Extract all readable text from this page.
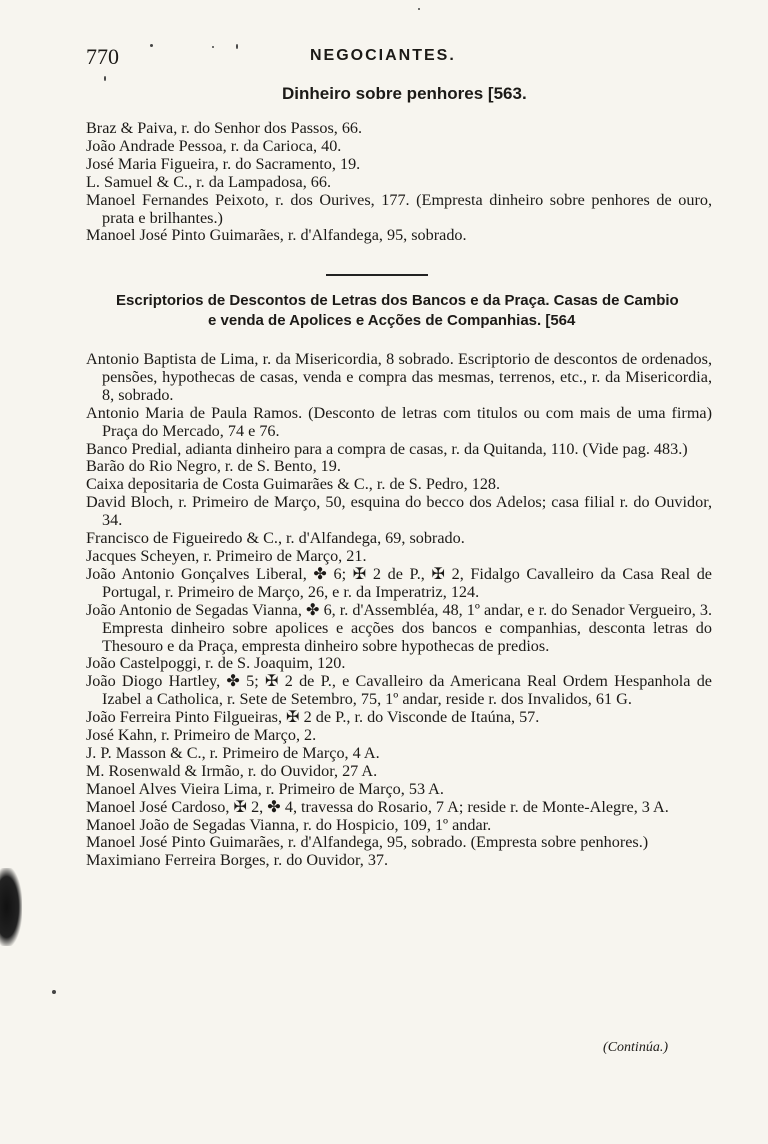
770	NEGOCIANTES.
Dinheiro sobre penhores [563.

Braz & Paiva, r. do Senhor dos Passos, 66.

João Andrade Pessoa, r. da Carioca, 40.

José Maria Figueira, r. do Sacramento, 19.

L. Samuel & C., r. da Lampadosa, 66.

Manoel Fernandes Peixoto, r. dos Ourives, 177. (Empresta dinheiro sobre penhores de ouro, prata e brilhantes.)

Manoel José Pinto Guimarães, r. d'Alfandega, 95, sobrado.

Escriptorios de Descontos de Letras dos Bancos e da Praça. Casas de Cambio
e venda de Apolices e Acções de Companhias. [564

Antonio Baptista de Lima, r. da Misericordia, 8 sobrado. Escriptorio de descontos de ordenados, pensões, hypothecas de casas, venda e compra das mesmas, terrenos, etc., r. da Misericordia, 8, sobrado.

Antonio Maria de Paula Ramos. (Desconto de letras com titulos ou com mais de uma firma) Praça do Mercado, 74 e 76.

Banco Predial, adianta dinheiro para a compra de casas, r. da Quitanda, 110. (Vide pag. 483.)

Barão do Rio Negro, r. de S. Bento, 19.

Caixa depositaria de Costa Guimarães & C., r. de S. Pedro, 128.

David Bloch, r. Primeiro de Março, 50, esquina do becco dos Adelos; casa filial r. do Ouvidor, 34.

Francisco de Figueiredo & C., r. d'Alfandega, 69, sobrado.

Jacques Scheyen, r. Primeiro de Março, 21.

João Antonio Gonçalves Liberal, ✤ 6; ✠ 2 de P., ✠ 2, Fidalgo Cavalleiro da Casa Real de Portugal, r. Primeiro de Março, 26, e r. da Imperatriz, 124.

João Antonio de Segadas Vianna, ✤ 6, r. d'Assembléa, 48, 1º andar, e r. do Senador Vergueiro, 3. Empresta dinheiro sobre apolices e acções dos bancos e companhias, desconta letras do Thesouro e da Praça, empresta dinheiro sobre hypothecas de predios.

João Castelpoggi, r. de S. Joaquim, 120.

João Diogo Hartley, ✤ 5; ✠ 2 de P., e Cavalleiro da Americana Real Ordem Hespanhola de Izabel a Catholica, r. Sete de Setembro, 75, 1º andar, reside r. dos Invalidos, 61 G.

João Ferreira Pinto Filgueiras, ✠ 2 de P., r. do Visconde de Itaúna, 57.

José Kahn, r. Primeiro de Março, 2.

J. P. Masson & C., r. Primeiro de Março, 4 A.

M. Rosenwald & Irmão, r. do Ouvidor, 27 A.

Manoel Alves Vieira Lima, r. Primeiro de Março, 53 A.

Manoel José Cardoso, ✠ 2, ✤ 4, travessa do Rosario, 7 A; reside r. de Monte-Alegre, 3 A.

Manoel João de Segadas Vianna, r. do Hospicio, 109, 1º andar.

Manoel José Pinto Guimarães, r. d'Alfandega, 95, sobrado. (Empresta sobre penhores.)

Maximiano Ferreira Borges, r. do Ouvidor, 37.

(Continúa.)
